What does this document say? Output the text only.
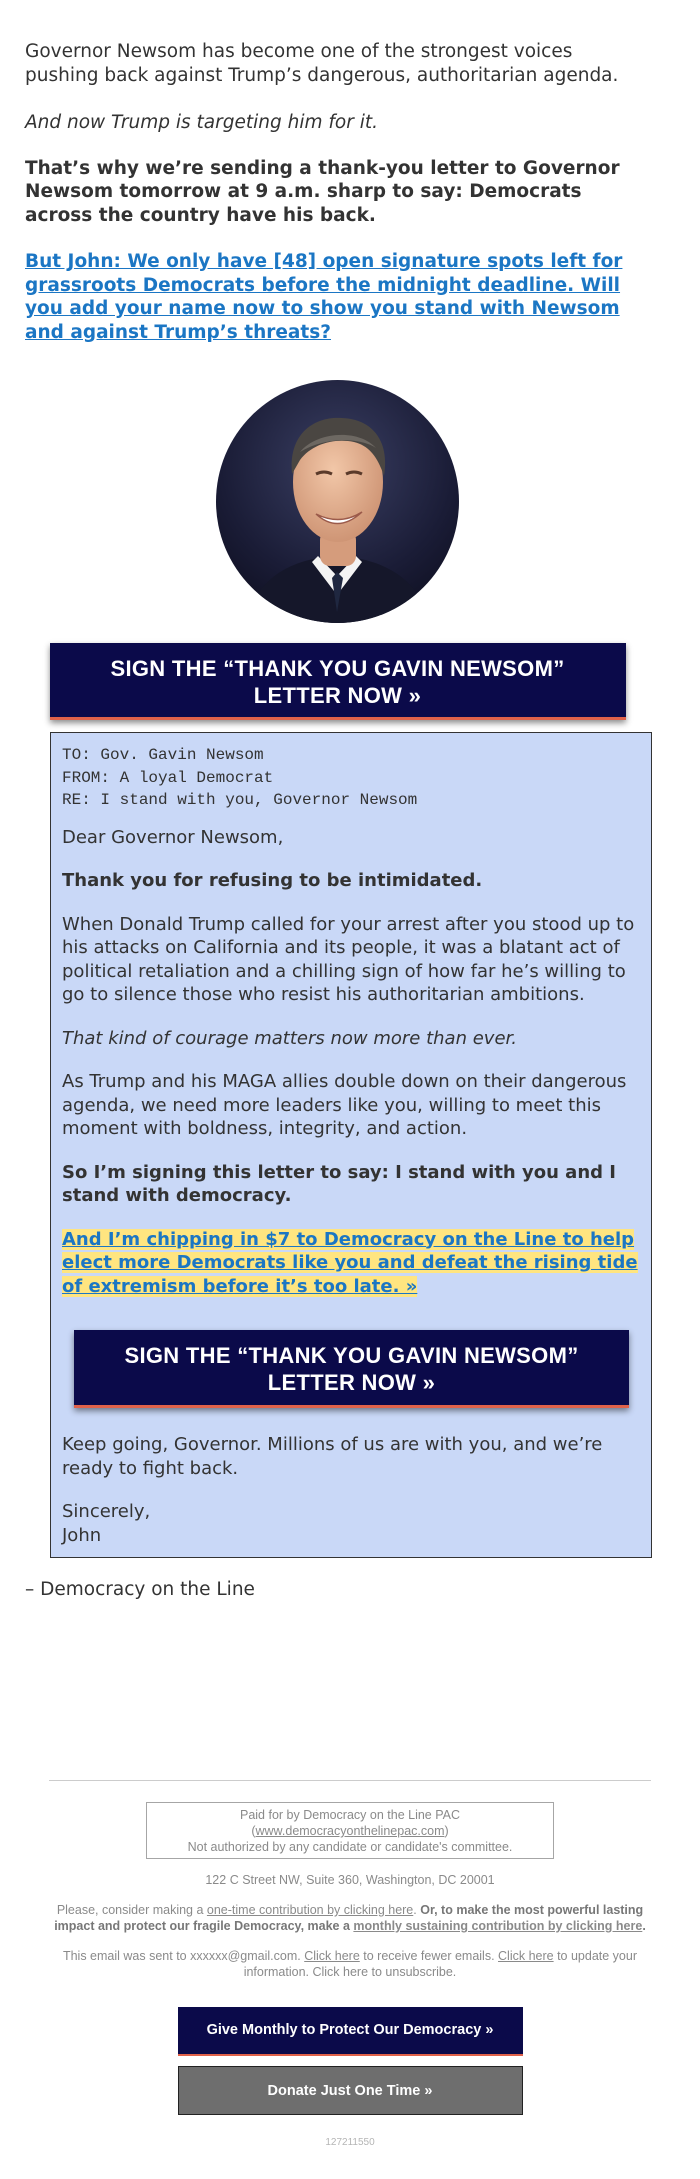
Governor Newsom has become one of the strongest voices pushing back against Trump’s dangerous, authoritarian agenda.

And now Trump is targeting him for it.

That’s why we’re sending a thank-you letter to Governor Newsom tomorrow at 9 a.m. sharp to say: Democrats across the country have his back.

But John: We only have [48] open signature spots left for grassroots Democrats before the midnight deadline. Will you add your name now to show you stand with Newsom and against Trump’s threats?

SIGN THE “THANK YOU GAVIN NEWSOM” LETTER NOW »
TO: Gov. Gavin Newsom
FROM: A loyal Democrat
RE: I stand with you, Governor Newsom

Dear Governor Newsom,

Thank you for refusing to be intimidated.

When Donald Trump called for your arrest after you stood up to his attacks on California and its people, it was a blatant act of political retaliation and a chilling sign of how far he’s willing to go to silence those who resist his authoritarian ambitions.

That kind of courage matters now more than ever.

As Trump and his MAGA allies double down on their dangerous agenda, we need more leaders like you, willing to meet this moment with boldness, integrity, and action.

So I’m signing this letter to say: I stand with you and I stand with democracy.

And I’m chipping in $7 to Democracy on the Line to help elect more Democrats like you and defeat the rising tide of extremism before it’s too late. »

SIGN THE “THANK YOU GAVIN NEWSOM” LETTER NOW »

Keep going, Governor. Millions of us are with you, and we’re ready to fight back.

Sincerely,

John

– Democracy on the Line

Paid for by Democracy on the Line PAC
(www.democracyonthelinepac.com)
Not authorized by any candidate or candidate's committee.
122 C Street NW, Suite 360, Washington, DC 20001
Please, consider making a one-time contribution by clicking here. Or, to make the most powerful lasting impact and protect our fragile Democracy, make a monthly sustaining contribution by clicking here.
This email was sent to xxxxxx@gmail.com. Click here to receive fewer emails. Click here to update your information. Click here to unsubscribe.
Give Monthly to Protect Our Democracy »
Donate Just One Time »
127211550
